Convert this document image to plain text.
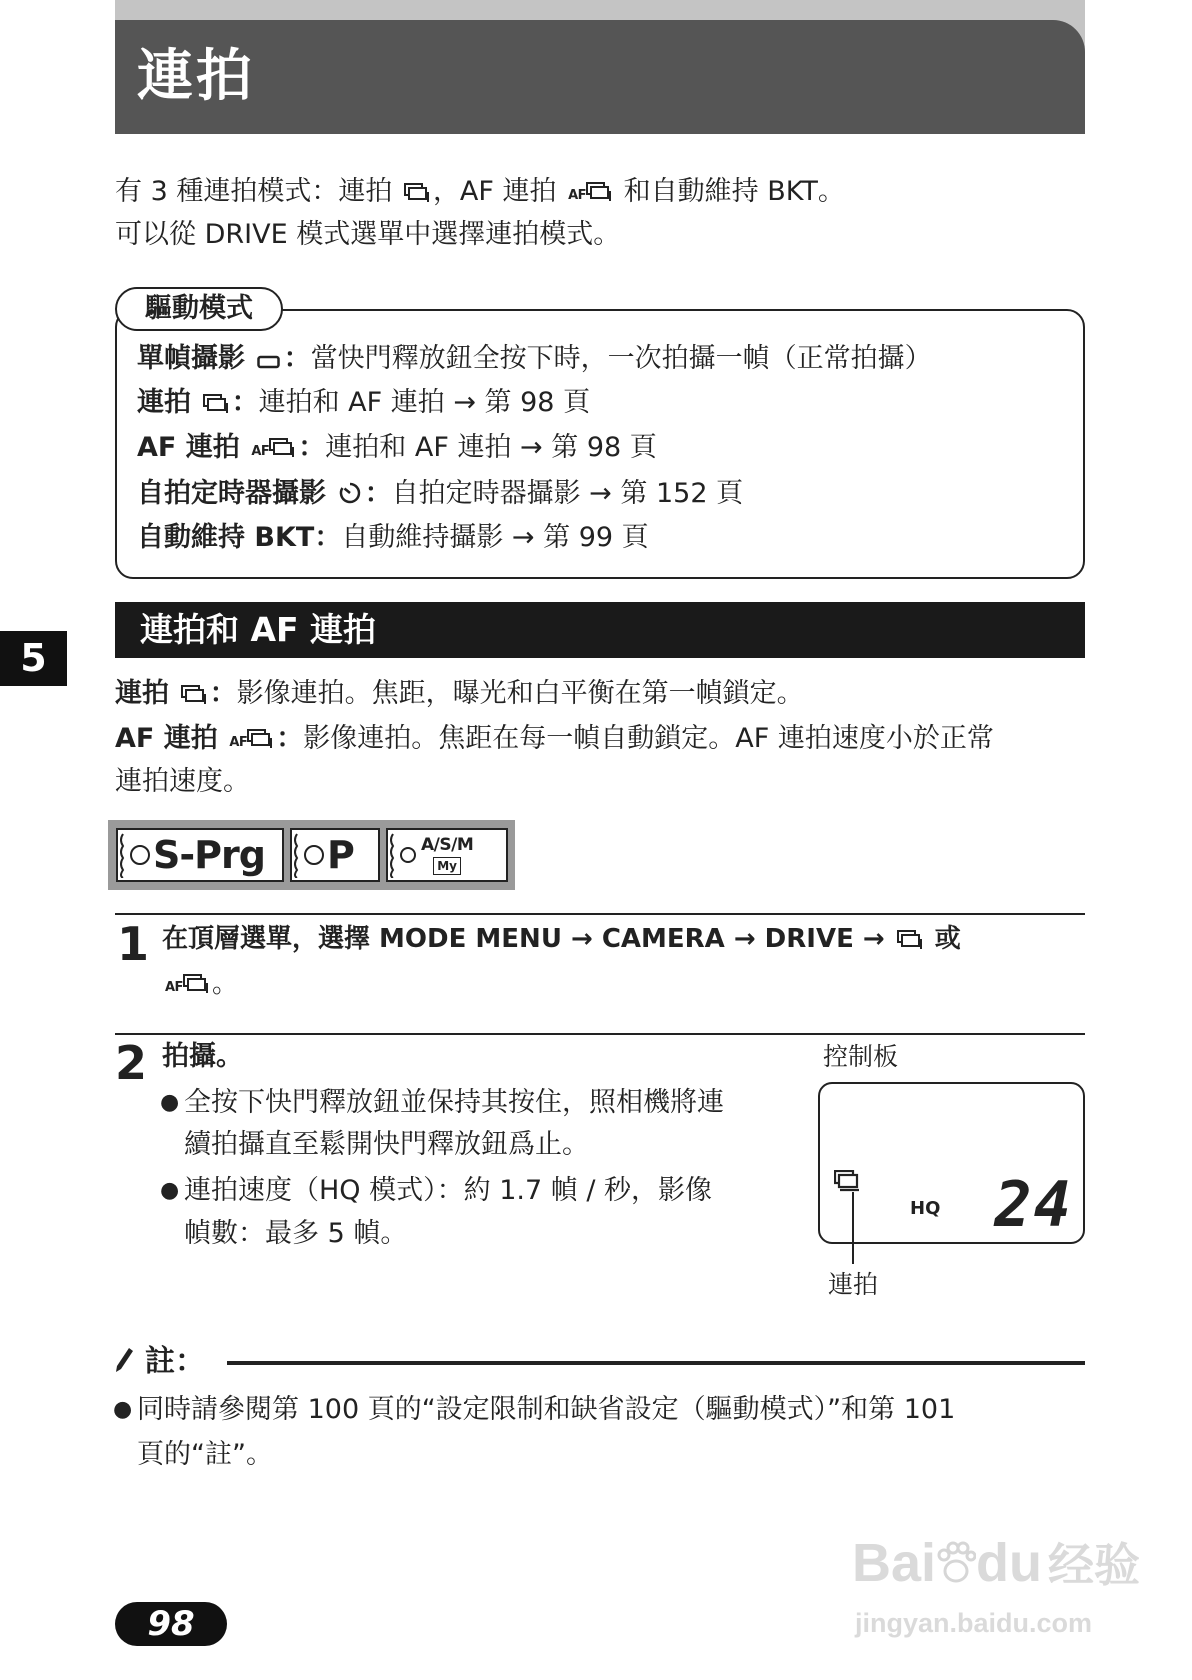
連拍
有 3 種連拍模式：連拍 ，AF 連拍 AF 和自動維持 BKT。
可以從 DRIVE 模式選單中選擇連拍模式。
驅動模式
單幀攝影 ：當快門釋放鈕全按下時，一次拍攝一幀（正常拍攝）
連拍 ：連拍和 AF 連拍 → 第 98 頁
AF 連拍 AF ：連拍和 AF 連拍 → 第 98 頁
自拍定時器攝影 ：自拍定時器攝影 → 第 152 頁
自動維持 BKT：自動維持攝影 → 第 99 頁
5
連拍和 AF 連拍
連拍 ：影像連拍。焦距，曝光和白平衡在第一幀鎖定。
AF 連拍 AF ：影像連拍。焦距在每一幀自動鎖定。AF 連拍速度小於正常
連拍速度。
S-Prg P	A/S/M
My
1 在頂層選單，選擇 MODE MENU → CAMERA → DRIVE →  或
AF 。
2 拍攝。
● 全按下快門釋放鈕並保持其按住，照相機將連
續拍攝直至鬆開快門釋放鈕爲止。
● 連拍速度（HQ 模式）：約 1.7 幀 / 秒，影像
幀數：最多 5 幀。
控制板
HQ 24
連拍
註：
● 同時請參閱第 100 頁的“設定限制和缺省設定（驅動模式）”和第 101
頁的“註”。
98
Bai du 经验
jingyan.baidu.com
